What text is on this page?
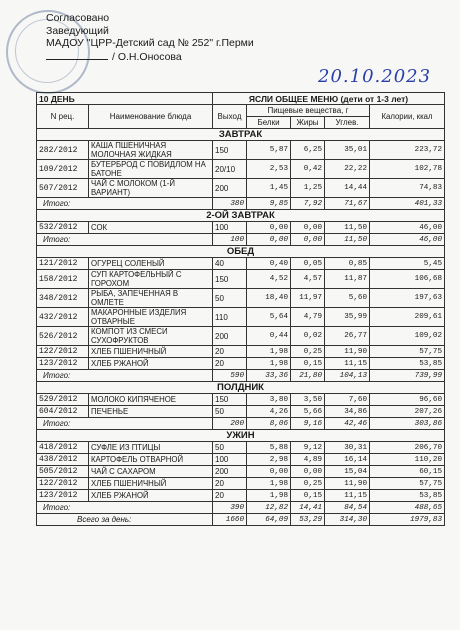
Согласовано
Заведующий
МАДОУ "ЦРР-Детский сад № 252" г.Перми
/ О.Н.Оносова
20.10.2023
10 ДЕНЬ		ЯСЛИ ОБЩЕЕ МЕНЮ (дети от 1-3 лет)				
N рец.	Наименование блюда	Выход	Пищевые вещества, г			Калории, ккал
			Белки	Жиры	Углев.	
ЗАВТРАК						
282/2012	КАША ПШЕНИЧНАЯ МОЛОЧНАЯ ЖИДКАЯ	150	5,87	6,25	35,01	223,72
109/2012	БУТЕРБРОД С ПОВИДЛОМ НА БАТОНЕ	20/10	2,53	0,42	22,22	102,78
507/2012	ЧАЙ С МОЛОКОМ (1-Й ВАРИАНТ)	200	1,45	1,25	14,44	74,83
Итого:		380	9,85	7,92	71,67	401,33
2-ОЙ ЗАВТРАК						
532/2012	СОК	100	0,00	0,00	11,50	46,00
Итого:		100	0,00	0,00	11,50	46,00
ОБЕД						
121/2012	ОГУРЕЦ СОЛЕНЫЙ	40	0,40	0,05	0,85	5,45
158/2012	СУП КАРТОФЕЛЬНЫЙ С ГОРОХОМ	150	4,52	4,57	11,87	106,68
348/2012	РЫБА, ЗАПЕЧЕННАЯ В ОМЛЕТЕ	50	18,40	11,97	5,60	197,63
432/2012	МАКАРОННЫЕ ИЗДЕЛИЯ ОТВАРНЫЕ	110	5,64	4,79	35,99	209,61
526/2012	КОМПОТ ИЗ СМЕСИ СУХОФРУКТОВ	200	0,44	0,02	26,77	109,02
122/2012	ХЛЕБ ПШЕНИЧНЫЙ	20	1,98	0,25	11,90	57,75
123/2012	ХЛЕБ РЖАНОЙ	20	1,98	0,15	11,15	53,85
Итого:		590	33,36	21,80	104,13	739,99
ПОЛДНИК						
529/2012	МОЛОКО КИПЯЧЕНОЕ	150	3,80	3,50	7,60	96,60
604/2012	ПЕЧЕНЬЕ	50	4,26	5,66	34,86	207,26
Итого:		200	8,06	9,16	42,46	303,86
УЖИН						
418/2012	СУФЛЕ ИЗ ПТИЦЫ	50	5,88	9,12	30,31	206,70
438/2012	КАРТОФЕЛЬ ОТВАРНОЙ	100	2,98	4,89	16,14	110,20
505/2012	ЧАЙ С САХАРОМ	200	0,00	0,00	15,04	60,15
122/2012	ХЛЕБ ПШЕНИЧНЫЙ	20	1,98	0,25	11,90	57,75
123/2012	ХЛЕБ РЖАНОЙ	20	1,98	0,15	11,15	53,85
Итого:		390	12,82	14,41	84,54	488,65
Всего за день:		1660	64,09	53,29	314,30	1979,83
